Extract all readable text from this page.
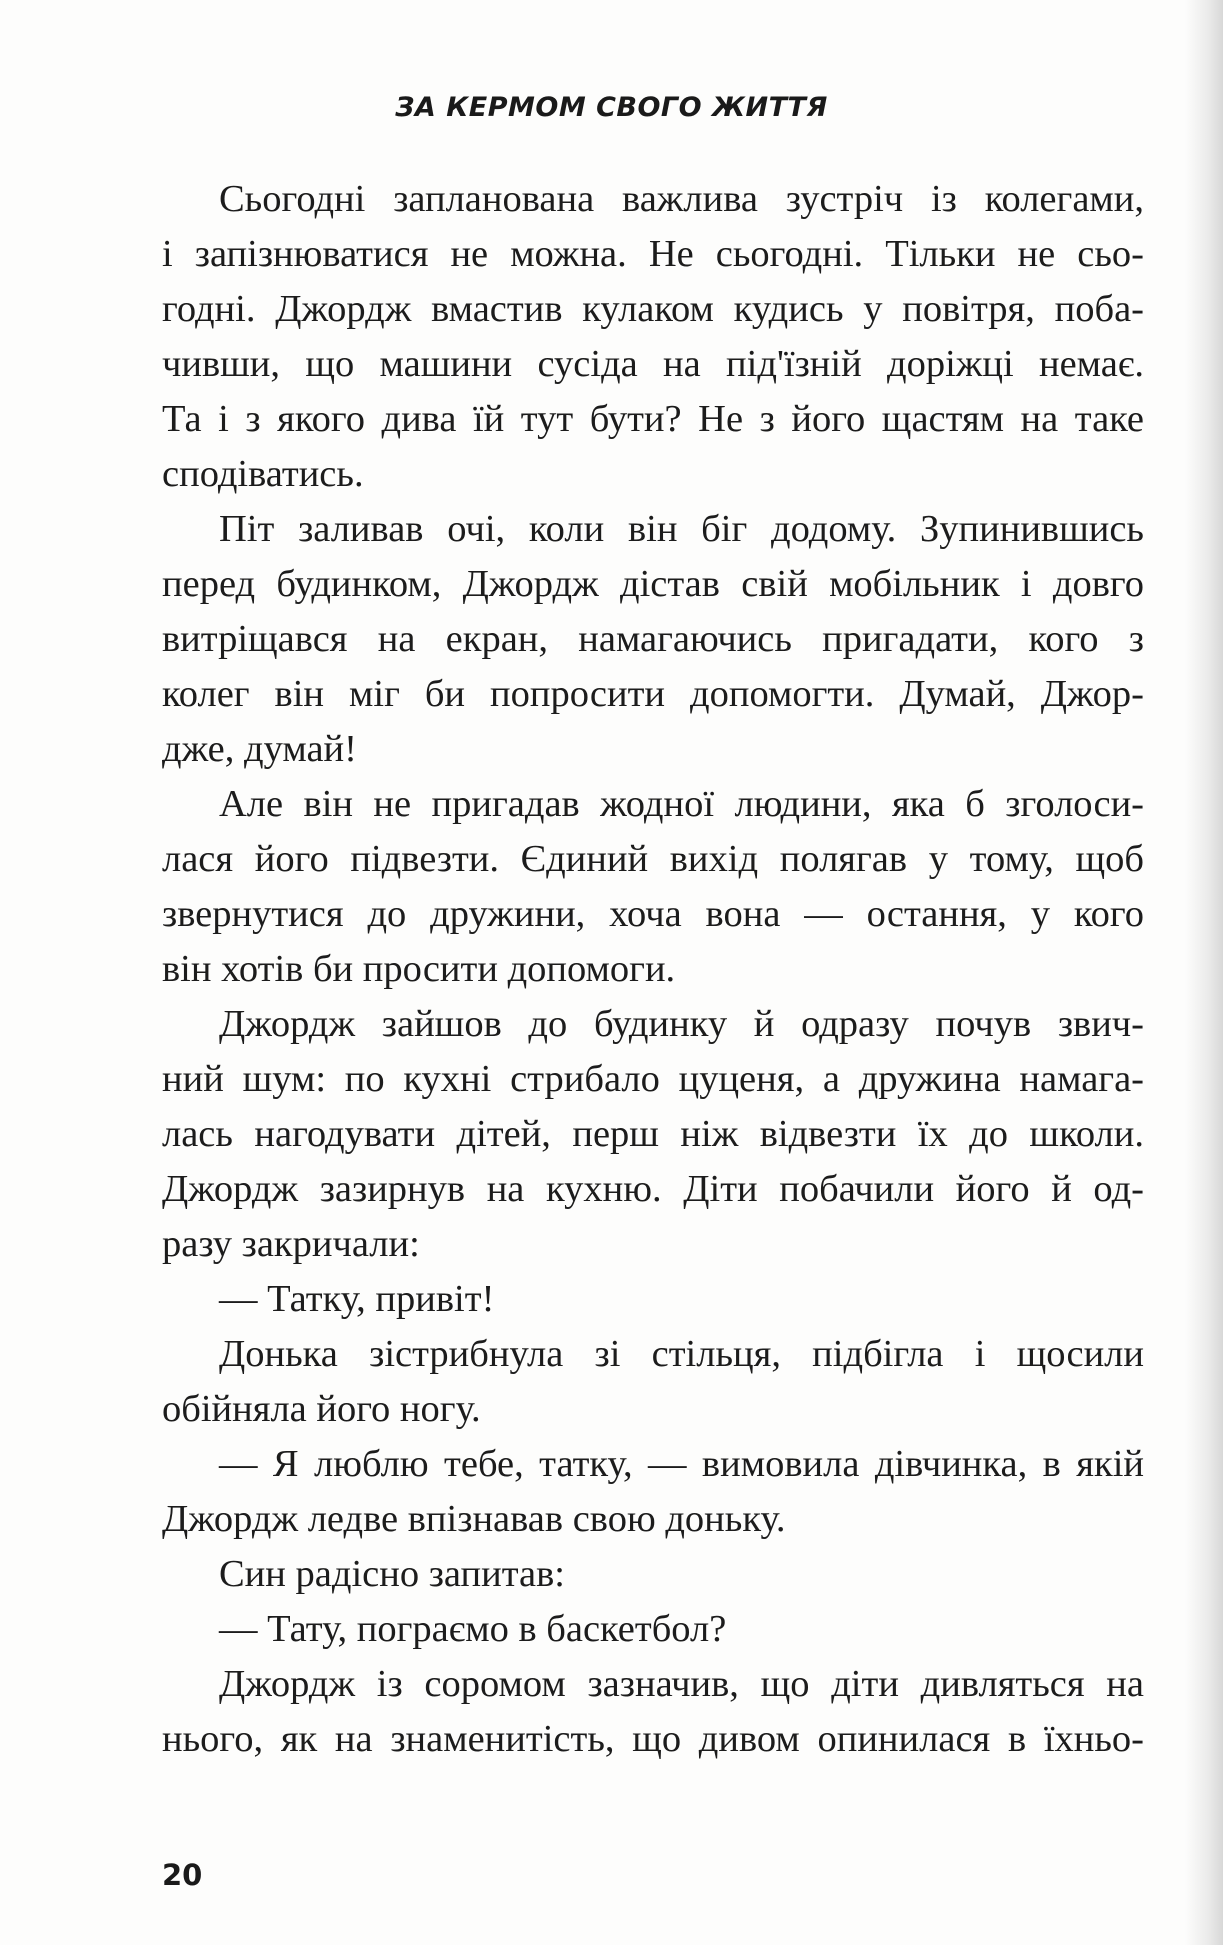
ЗА КЕРМОМ СВОГО ЖИТТЯ
Сьогодні запланована важлива зустріч із колегами,
і запізнюватися не можна. Не сьогодні. Тільки не сьо-
годні. Джордж вмастив кулаком кудись у повітря, поба-
чивши, що машини сусіда на під'їзній доріжці немає.
Та і з якого дива їй тут бути? Не з його щастям на таке
сподіватись.
Піт заливав очі, коли він біг додому. Зупинившись
перед будинком, Джордж дістав свій мобільник і довго
витріщався на екран, намагаючись пригадати, кого з
колег він міг би попросити допомогти. Думай, Джор-
дже, думай!
Але він не пригадав жодної людини, яка б зголоси-
лася його підвезти. Єдиний вихід полягав у тому, щоб
звернутися до дружини, хоча вона — остання, у кого
він хотів би просити допомоги.
Джордж зайшов до будинку й одразу почув звич-
ний шум: по кухні стрибало цуценя, а дружина намага-
лась нагодувати дітей, перш ніж відвезти їх до школи.
Джордж зазирнув на кухню. Діти побачили його й од-
разу закричали:
— Татку, привіт!
Донька зістрибнула зі стільця, підбігла і щосили
обійняла його ногу.
— Я люблю тебе, татку, — вимовила дівчинка, в якій
Джордж ледве впізнавав свою доньку.
Син радісно запитав:
— Тату, пограємо в баскетбол?
Джордж із соромом зазначив, що діти дивляться на
нього, як на знаменитість, що дивом опинилася в їхньо-
20
